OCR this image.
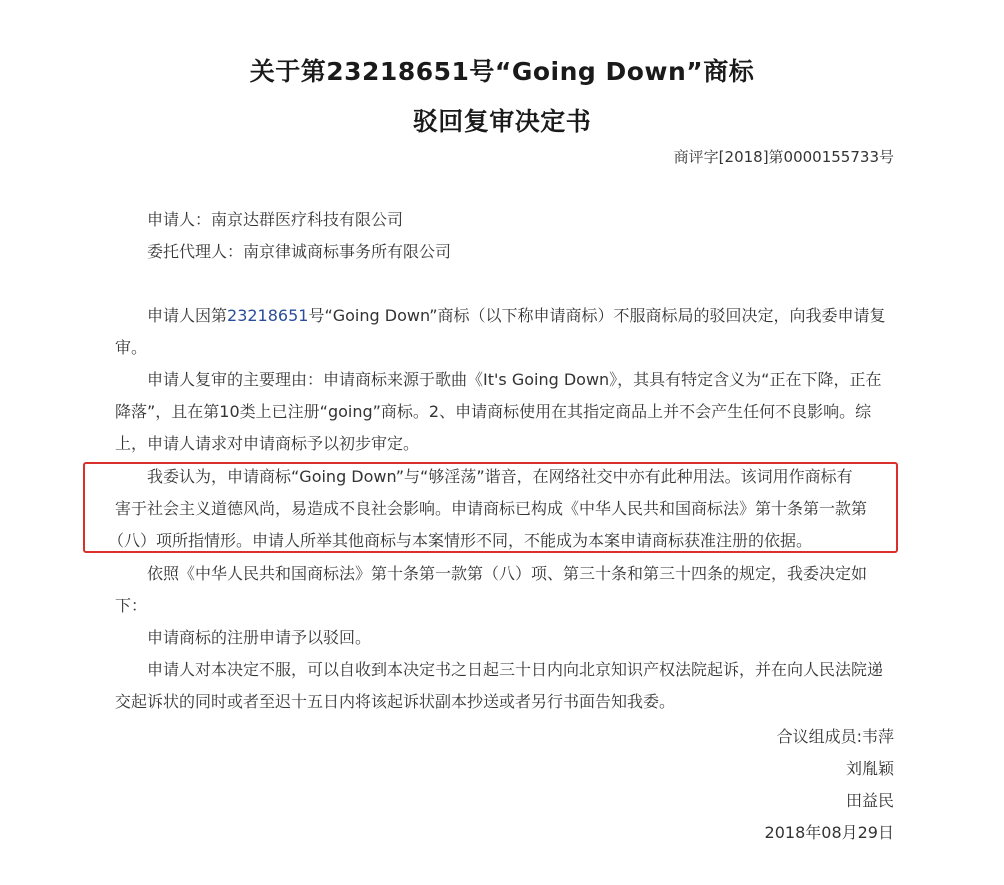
关于第23218651号“Going Down”商标
驳回复审决定书
商评字[2018]第0000155733号
申请人：南京达群医疗科技有限公司
委托代理人：南京律诚商标事务所有限公司
申请人因第23218651号“Going Down”商标（以下称申请商标）不服商标局的驳回决定，向我委申请复
审。
申请人复审的主要理由：申请商标来源于歌曲《It's Going Down》，其具有特定含义为“正在下降，正在
降落”，且在第10类上已注册“going”商标。2、申请商标使用在其指定商品上并不会产生任何不良影响。综
上，申请人请求对申请商标予以初步审定。
我委认为，申请商标“Going Down”与“够淫荡”谐音，在网络社交中亦有此种用法。该词用作商标有
害于社会主义道德风尚，易造成不良社会影响。申请商标已构成《中华人民共和国商标法》第十条第一款第
（八）项所指情形。申请人所举其他商标与本案情形不同，不能成为本案申请商标获准注册的依据。
依照《中华人民共和国商标法》第十条第一款第（八）项、第三十条和第三十四条的规定，我委决定如
下：
申请商标的注册申请予以驳回。
申请人对本决定不服，可以自收到本决定书之日起三十日内向北京知识产权法院起诉，并在向人民法院递
交起诉状的同时或者至迟十五日内将该起诉状副本抄送或者另行书面告知我委。
合议组成员:韦萍
刘胤颖
田益民
2018年08月29日
